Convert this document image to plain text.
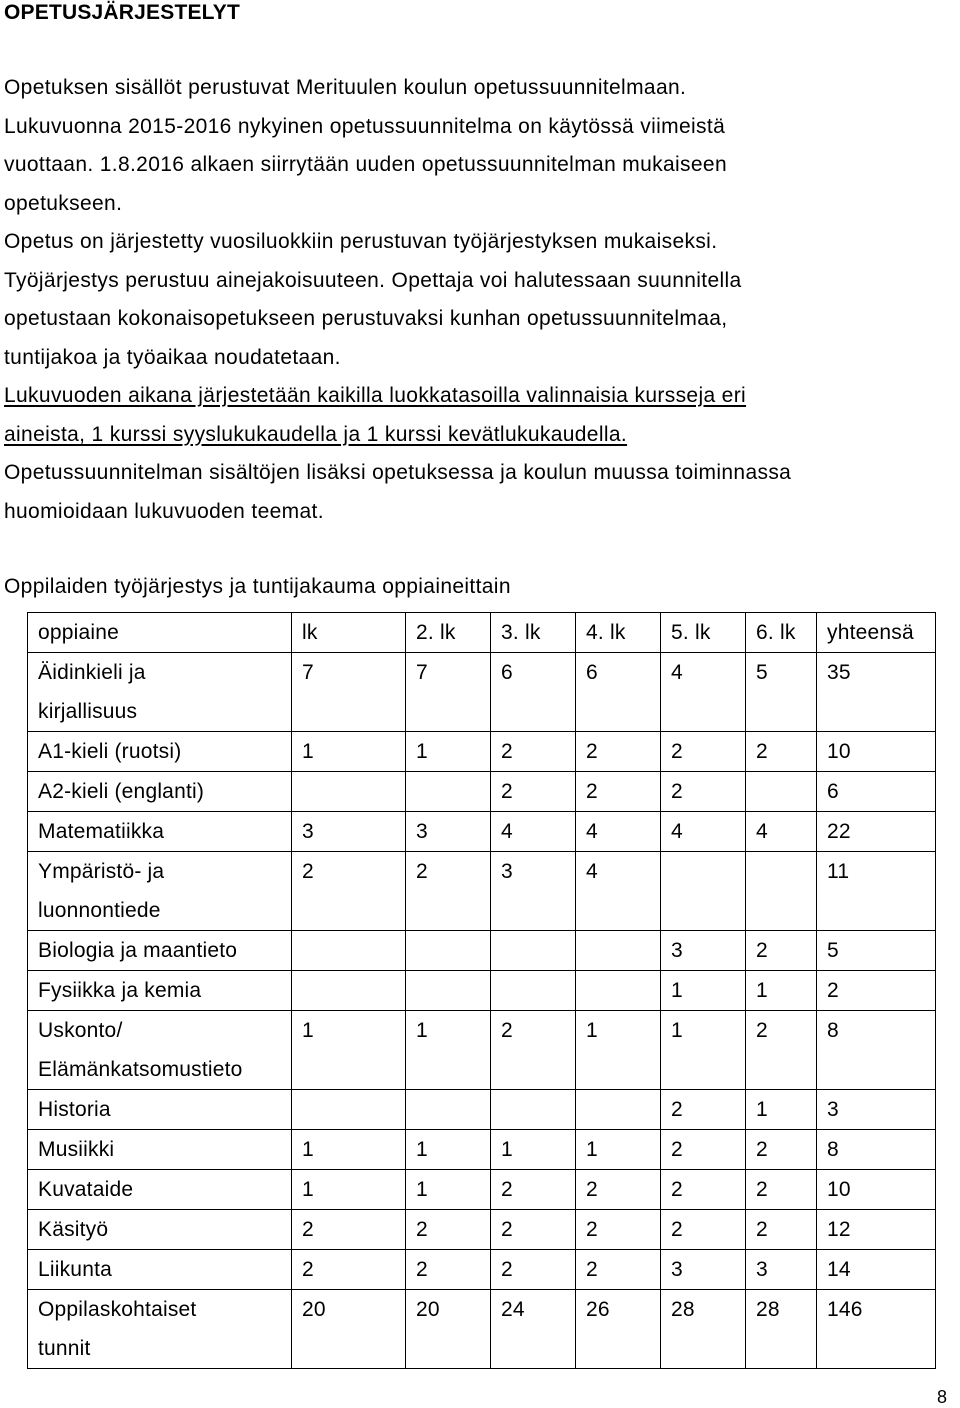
OPETUSJÄRJESTELYT
Opetuksen sisällöt perustuvat Merituulen koulun opetussuunnitelmaan.
Lukuvuonna 2015-2016 nykyinen opetussuunnitelma on käytössä viimeistä
vuottaan. 1.8.2016 alkaen siirrytään uuden opetussuunnitelman mukaiseen
opetukseen.
Opetus on järjestetty vuosiluokkiin perustuvan työjärjestyksen mukaiseksi.
Työjärjestys perustuu ainejakoisuuteen. Opettaja voi halutessaan suunnitella
opetustaan kokonaisopetukseen perustuvaksi kunhan opetussuunnitelmaa,
tuntijakoa ja työaikaa noudatetaan.
Lukuvuoden aikana järjestetään kaikilla luokkatasoilla valinnaisia kursseja eri
aineista, 1 kurssi syyslukukaudella ja 1 kurssi kevätlukukaudella.
Opetussuunnitelman sisältöjen lisäksi opetuksessa ja koulun muussa toiminnassa
huomioidaan lukuvuoden teemat.
Oppilaiden työjärjestys ja tuntijakauma oppiaineittain
oppiaine	lk	2. lk	3. lk	4. lk	5. lk	6. lk	yhteensä

Äidinkieli ja
kirjallisuus	7	7	6	6	4	5	35

A1-kieli (ruotsi)	1	1	2	2	2	2	10

A2-kieli (englanti)			2	2	2		6

Matematiikka	3	3	4	4	4	4	22

Ympäristö- ja
luonnontiede	2	2	3	4			11

Biologia ja maantieto					3	2	5

Fysiikka ja kemia					1	1	2

Uskonto/
Elämänkatsomustieto	1	1	2	1	1	2	8

Historia					2	1	3

Musiikki	1	1	1	1	2	2	8

Kuvataide	1	1	2	2	2	2	10

Käsityö	2	2	2	2	2	2	12

Liikunta	2	2	2	2	3	3	14

Oppilaskohtaiset
tunnit	20	20	24	26	28	28	146
8
